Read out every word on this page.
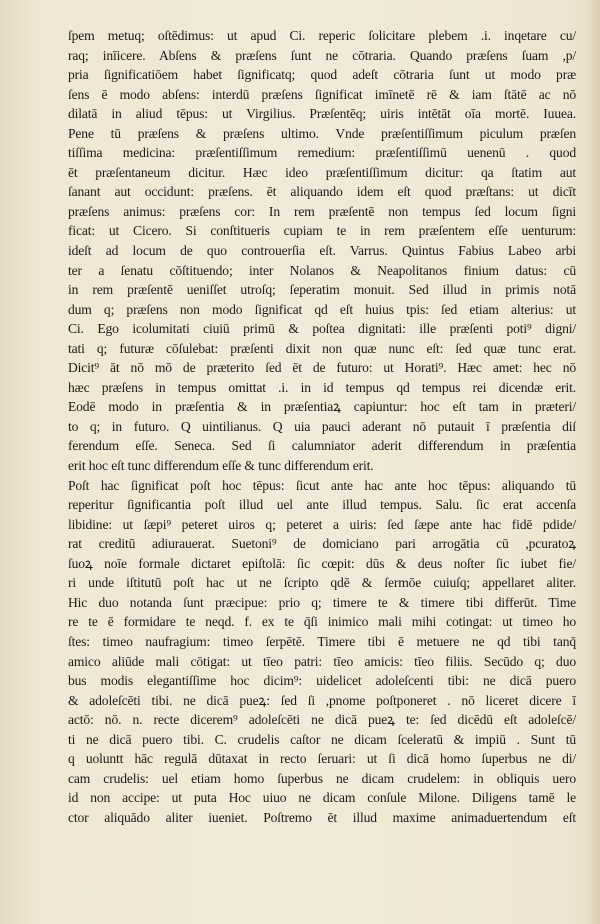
ſpem metuq; oſtēdimus: ut apud Ci. reperic ſolicitare plebem .i. inqetare cu/
raq; inīicere. Abſens & præſens ſunt ne cōtraria. Quando præſens ſuam ,p/
pria ſignificatiōem habet ſignificatq; quod adeſt cōtraria ſunt ut modo præ
ſens ē modo abſens: interdū præſens ſignificat imīnetē rē & iam ſtātē ac nō
dilatā in aliud tēpus: ut Virgilius. Præſentēq; uiris intētāt oīa mortē. Iuuea.
Pene tū præſens & præſens ultimo. Vnde præſentiſſimum piculum præſen
tiſſima medicina: præſentiſſimum remedium: præſentiſſimū uenenū . quod
ēt præſentaneum dicitur. Hæc ideo præſentiſſimum dicitur: qa ſtatim aut
ſanant aut occidunt: præſens. ēt aliquando idem eſt quod præſtans: ut dicīt
præſens animus: præſens cor: In rem præſentē non tempus ſed locum ſigni
ficat: ut Cicero. Si conſtitueris cupiam te in rem præſentem eſſe uenturum:
ideſt ad locum de quo controuerſia eſt. Varrus. Quintus Fabius Labeo arbi
ter a ſenatu cōſtituendo; inter Nolanos & Neapolitanos finium datus: cū
in rem præſentē ueniſſet utroſq; ſeperatim monuit. Sed illud in primis notā
dum q; præſens non modo ſignificat qd eſt huius tpis: ſed etiam alterius: ut
Ci. Ego icolumitati ciuiū primū & poſtea dignitati: ille præſenti poti⁹ digni/
tati q; futuræ cōſulebat: præſenti dixit non quæ nunc eſt: ſed quæ tunc erat.
Dicit⁹ āt nō mō de præterito ſed ēt de futuro: ut Horati⁹. Hæc amet: hec nō
hæc præſens in tempus omittat .i. in id tempus qd tempus rei dicendæ erit.
Eodē modo in præſentia & in præſentiaꝝ capiuntur: hoc eſt tam in præteri/
to q; in futuro. Q uintilianus. Q uia pauci aderant nō putauit ī præſentia diſ
ferendum eſſe. Seneca. Sed ſi calumniator aderit differendum in præſentia
erit hoc eſt tunc differendum eſſe & tunc differendum erit.
Poſt hac ſignificat poſt hoc tēpus: ſicut ante hac ante hoc tēpus: aliquando tū
reperitur ſignificantia poſt illud uel ante illud tempus. Salu. ſic erat accenſa
libidine: ut ſæpi⁹ peteret uiros q; peteret a uiris: ſed ſæpe ante hac fidē pdide/
rat creditū adiurauerat. Suetoni⁹ de domiciano pari arrogātia cū ,pcuratoꝝ
ſuoꝝ noīe formale dictaret epiſtolā: ſic cœpit: dūs & deus noſter ſic iubet fie/
ri unde iſtitutū poſt hac ut ne ſcripto qdē & ſermōe cuiuſq; appellaret aliter.
Hic duo notanda ſunt præcipue: prio q; timere te & timere tibi differūt. Time
re te ē formidare te neqd. f. ex te q̄ſi inimico mali mihi cotingat: ut timeo ho
ſtes: timeo naufragium: timeo ſerpētē. Timere tibi ē metuere ne qd tibi tanq̄
amico aliūde mali cōtigat: ut tīeo patri: tīeo amicis: tīeo filiis. Secūdo q; duo
bus modis elegantiſſime hoc dicim⁹: uidelicet adoleſcenti tibi: ne dicā puero
& adoleſcēti tibi. ne dicā pueꝝ: ſed ſi ,pnome poſtponeret . nō liceret dicere ī
actō: nō. n. recte dicerem⁹ adoleſcēti ne dicā pueꝝ te: ſed dicēdū eſt adoleſcē/
ti ne dicā puero tibi. C. crudelis caſtor ne dicam ſceleratū & impiū . Sunt tū
q uoluntt hāc regulā dūtaxat in recto ſeruari: ut ſi dicā homo ſuperbus ne di/
cam crudelis: uel etiam homo ſuperbus ne dicam crudelem: in obliquis uero
id non accipe: ut puta Hoc uiuo ne dicam conſule Milone. Diligens tamē le
ctor aliquādo aliter iueniet. Poſtremo ēt illud maxime animaduertendum eſt
